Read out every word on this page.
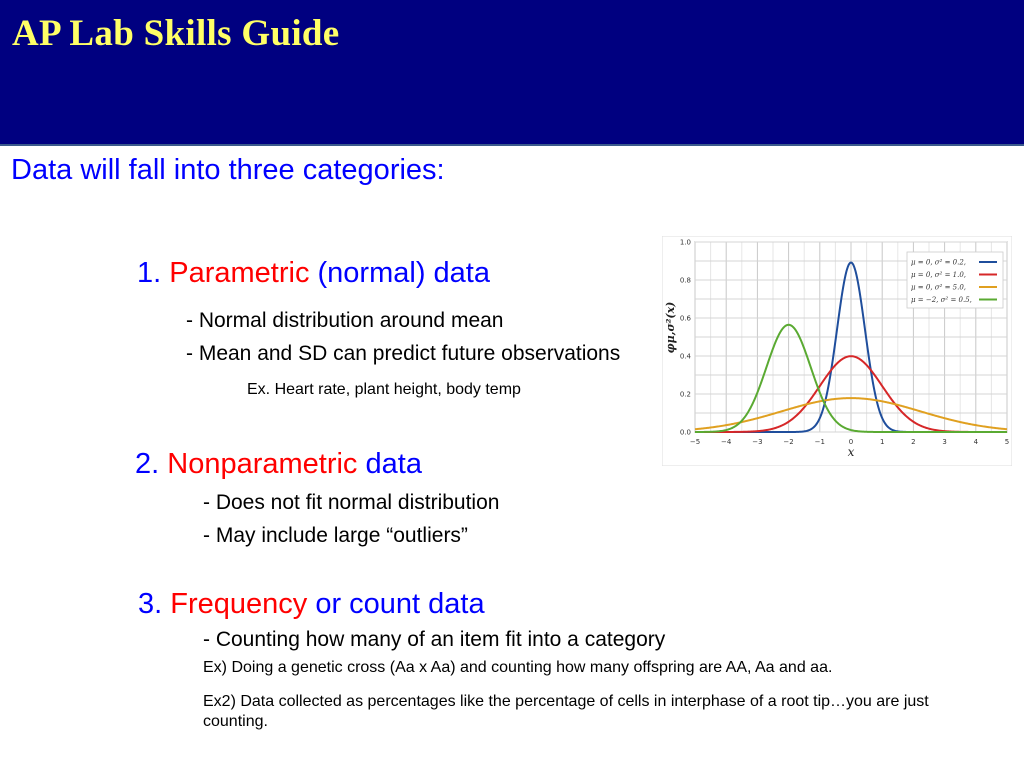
AP Lab Skills Guide

Data will fall into three categories:

1. Parametric (normal) data

- Normal distribution around mean

- Mean and SD can predict future observations

Ex. Heart rate, plant height, body temp

2. Nonparametric data

- Does not fit normal distribution

- May include large “outliers”

3. Frequency or count data

- Counting how many of an item fit into a category

Ex) Doing a genetic cross (Aa x Aa) and counting how many offspring are AA, Aa and aa.

Ex2) Data collected as percentages like the percentage of cells in interphase of a root tip…you are just counting.

−5	−4	−3	−2	−1	0	1	2	3	4	5
0.0
0.2
0.4
0.6
0.8
1.0
x
φμ,σ²(x)
μ = 0, σ² = 0.2,
μ = 0, σ² = 1.0,
μ = 0, σ² = 5.0,
μ = −2, σ² = 0.5,
